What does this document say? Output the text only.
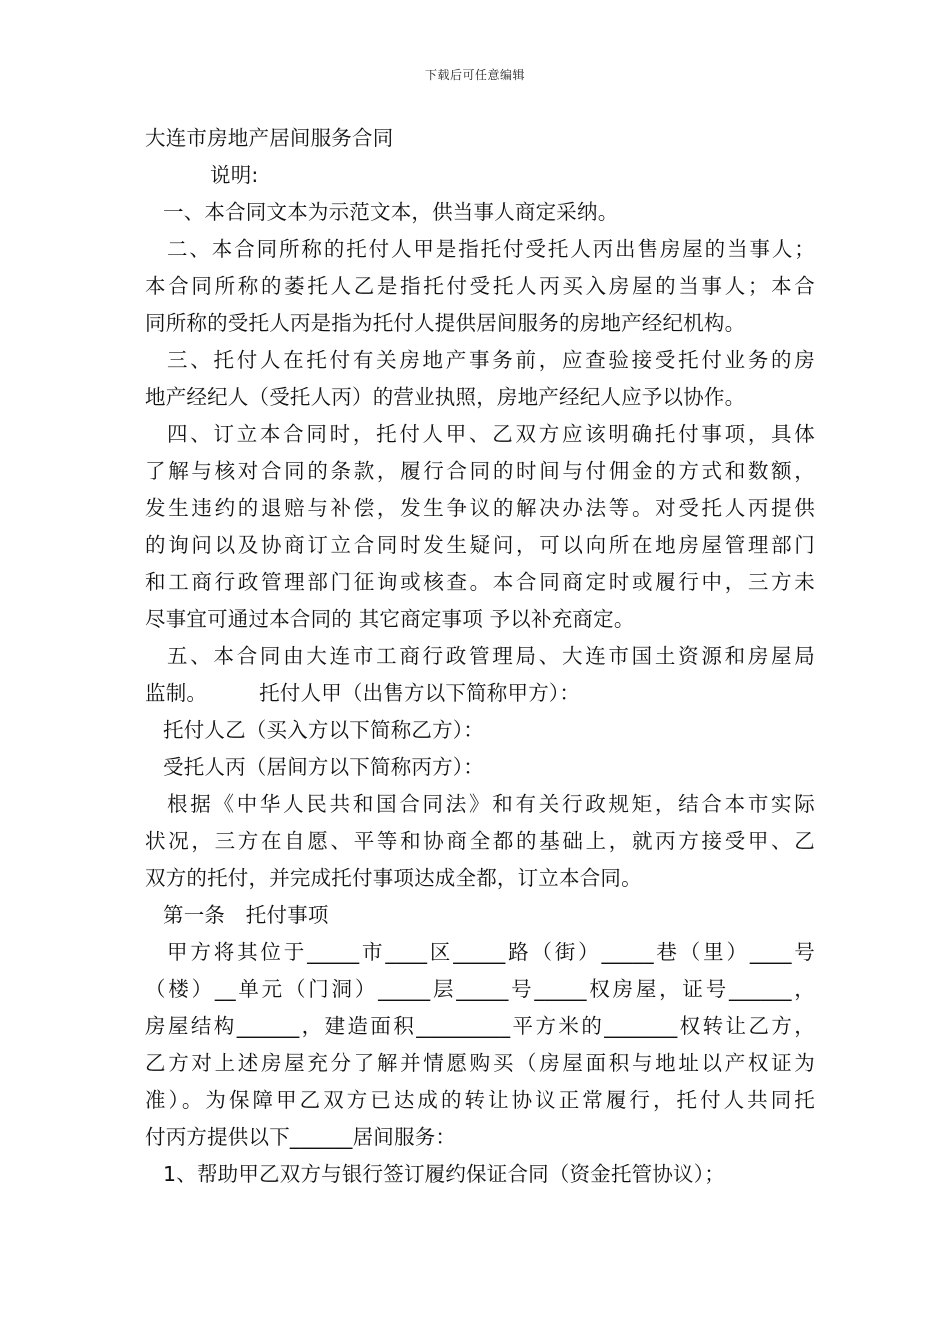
下载后可任意编辑
大连市房地产居间服务合同
说明:
一、本合同文本为示范文本，供当事人商定采纳。
二、本合同所称的托付人甲是指托付受托人丙出售房屋的当事人；
本合同所称的萎托人乙是指托付受托人丙买入房屋的当事人；本合
同所称的受托人丙是指为托付人提供居间服务的房地产经纪机构。
三、托付人在托付有关房地产事务前，应查验接受托付业务的房
地产经纪人（受托人丙）的营业执照，房地产经纪人应予以协作。
四、订立本合同时，托付人甲、乙双方应该明确托付事项，具体
了解与核对合同的条款，履行合同的时间与付佣金的方式和数额，
发生违约的退赔与补偿，发生争议的解决办法等。对受托人丙提供
的询问以及协商订立合同时发生疑问，可以向所在地房屋管理部门
和工商行政管理部门征询或核查。本合同商定时或履行中，三方未
尽事宜可通过本合同的 其它商定事项 予以补充商定。
五、本合同由大连市工商行政管理局、大连市国土资源和房屋局
监制。	托付人甲（出售方以下简称甲方）：
托付人乙（买入方以下简称乙方）：
受托人丙（居间方以下简称丙方）：
根据《中华人民共和国合同法》和有关行政规矩，结合本市实际
状况，三方在自愿、平等和协商全都的基础上，就丙方接受甲、乙
双方的托付，并完成托付事项达成全都，订立本合同。
第一条　托付事项
甲方将其位于_____市____区_____路（街）_____巷（里）____号
（楼）__单元（门洞）_____层_____号_____权房屋，证号______，
房屋结构______，建造面积_________平方米的_______权转让乙方，
乙方对上述房屋充分了解并情愿购买（房屋面积与地址以产权证为
准）。为保障甲乙双方已达成的转让协议正常履行，托付人共同托
付丙方提供以下______居间服务：
1、帮助甲乙双方与银行签订履约保证合同（资金托管协议）；
